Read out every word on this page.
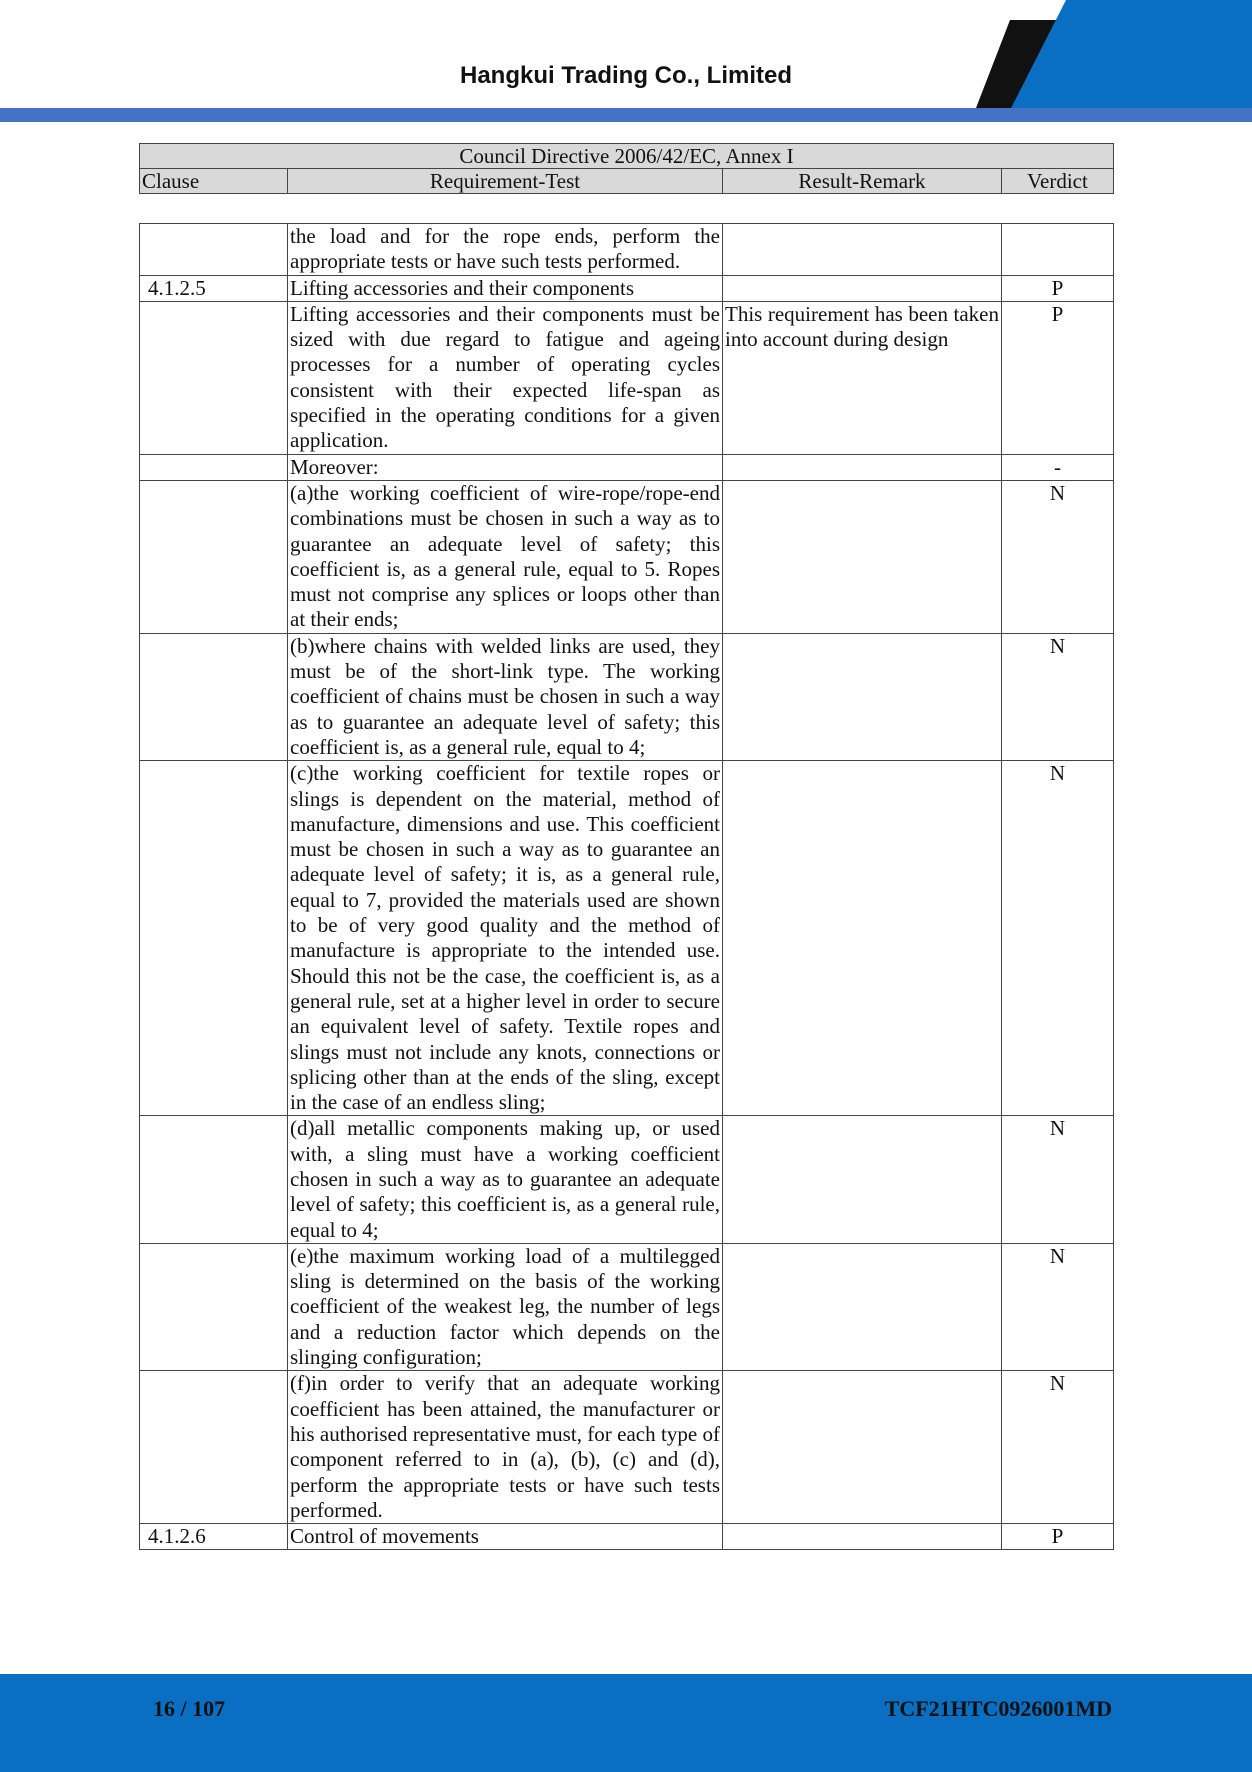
Hangkui Trading Co., Limited
Council Directive 2006/42/EC, Annex I
Clause	Requirement-Test	Result-Remark	Verdict
	the load and for the rope ends, perform the appropriate tests or have such tests performed.		
4.1.2.5	Lifting accessories and their components		P
	Lifting accessories and their components must be sized with due regard to fatigue and ageing processes for a number of operating cycles consistent with their expected life-span as specified in the operating conditions for a given application.	This requirement has been taken into account during design	P
	Moreover:		-
	(a)the working coefficient of wire-rope/rope-end combinations must be chosen in such a way as to guarantee an adequate level of safety; this coefficient is, as a general rule, equal to 5. Ropes must not comprise any splices or loops other than at their ends;		N
	(b)where chains with welded links are used, they must be of the short-link type. The working coefficient of chains must be chosen in such a way as to guarantee an adequate level of safety; this coefficient is, as a general rule, equal to 4;		N
	(c)the working coefficient for textile ropes or slings is dependent on the material, method of manufacture, dimensions and use. This coefficient must be chosen in such a way as to guarantee an adequate level of safety; it is, as a general rule, equal to 7, provided the materials used are shown to be of very good quality and the method of manufacture is appropriate to the intended use. Should this not be the case, the coefficient is, as a general rule, set at a higher level in order to secure an equivalent level of safety. Textile ropes and slings must not include any knots, connections or splicing other than at the ends of the sling, except in the case of an endless sling;		N
	(d)all metallic components making up, or used with, a sling must have a working coefficient chosen in such a way as to guarantee an adequate level of safety; this coefficient is, as a general rule, equal to 4;		N
	(e)the maximum working load of a multilegged sling is determined on the basis of the working coefficient of the weakest leg, the number of legs and a reduction factor which depends on the slinging configuration;		N
	(f)in order to verify that an adequate working coefficient has been attained, the manufacturer or his authorised representative must, for each type of component referred to in (a), (b), (c) and (d), perform the appropriate tests or have such tests performed.		N
4.1.2.6	Control of movements		P
16 / 107	TCF21HTC0926001MD
